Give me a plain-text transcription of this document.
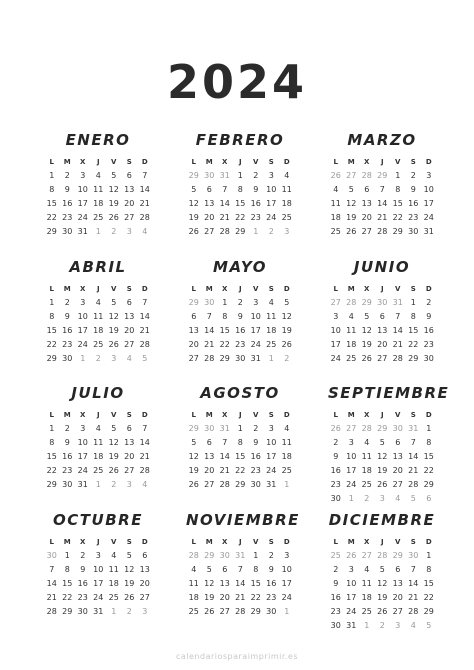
2024
ENERO
L	M	X	J	V	S	D
1	2	3	4	5	6	7
8	9 10 11 12 13 14
15 16 17 18 19 20 21
22 23 24 25 26 27 28
29 30 31 1	2	3	4
FEBRERO
L	M	X	J	V	S	D
29 30 31 1	2	3	4
5	6	7	8	9 10 11
12 13 14 15 16 17 18
19 20 21 22 23 24 25
26 27 28 29 1	2	3
MARZO
L	M	X	J	V	S	D
26 27 28 29 1	2	3
4	5	6	7	8	9 10
11 12 13 14 15 16 17
18 19 20 21 22 23 24
25 26 27 28 29 30 31
ABRIL
L	M	X	J	V	S	D
1	2	3	4	5	6	7
8	9 10 11 12 13 14
15 16 17 18 19 20 21
22 23 24 25 26 27 28
29 30 1	2	3	4	5
MAYO
L	M	X	J	V	S	D
29 30 1	2	3	4	5
6	7	8	9 10 11 12
13 14 15 16 17 18 19
20 21 22 23 24 25 26
27 28 29 30 31 1	2
JUNIO
L	M	X	J	V	S	D
27 28 29 30 31 1	2
3	4	5	6	7	8	9
10 11 12 13 14 15 16
17 18 19 20 21 22 23
24 25 26 27 28 29 30
JULIO
L	M	X	J	V	S	D
1	2	3	4	5	6	7
8	9 10 11 12 13 14
15 16 17 18 19 20 21
22 23 24 25 26 27 28
29 30 31 1	2	3	4
AGOSTO
L	M	X	J	V	S	D
29 30 31 1	2	3	4
5	6	7	8	9 10 11
12 13 14 15 16 17 18
19 20 21 22 23 24 25
26 27 28 29 30 31 1
SEPTIEMBRE
L	M	X	J	V	S	D
26 27 28 29 30 31 1
2	3	4	5	6	7	8
9 10 11 12 13 14 15
16 17 18 19 20 21 22
23 24 25 26 27 28 29
30 1	2	3	4	5	6
OCTUBRE
L	M	X	J	V	S	D
30 1	2	3	4	5	6
7	8	9 10 11 12 13
14 15 16 17 18 19 20
21 22 23 24 25 26 27
28 29 30 31 1	2	3
NOVIEMBRE
L	M	X	J	V	S	D
28 29 30 31 1	2	3
4	5	6	7	8	9 10
11 12 13 14 15 16 17
18 19 20 21 22 23 24
25 26 27 28 29 30 1
DICIEMBRE
L	M	X	J	V	S	D
25 26 27 28 29 30 1
2	3	4	5	6	7	8
9 10 11 12 13 14 15
16 17 18 19 20 21 22
23 24 25 26 27 28 29
30 31 1	2	3	4	5
calendariosparaimprimir.es
